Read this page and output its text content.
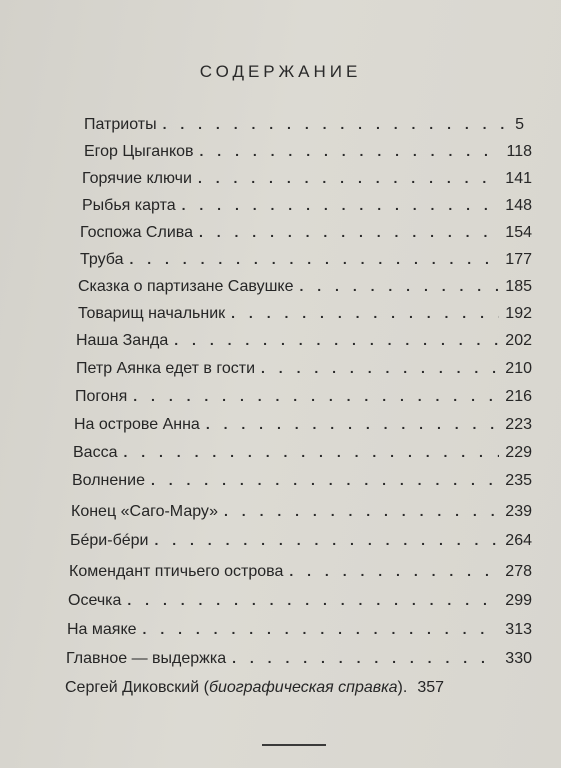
СОДЕРЖАНИЕ
Патриоты . . .	5
Егор Цыганков . . .	118
Горячие ключи . . .	141
Рыбья карта . . .	148
Госпожа Слива . . .	154
Труба . . .	177
Сказка о партизане Савушке . . .	185
Товарищ начальник . . .	192
Наша Занда . . .	202
Петр Аянка едет в гости . . .	210
Погоня . . .	216
На острове Анна . . .	223
Васса . . .	229
Волнение . . .	235
Конец «Саго-Мару» . . .	239
Бéри-бéри . . .	264
Комендант птичьего острова . . .	278
Осечка . . .	299
На маяке . . .	313
Главное — выдержка . . .	330
Сергей Диковский (биографическая справка). 357
